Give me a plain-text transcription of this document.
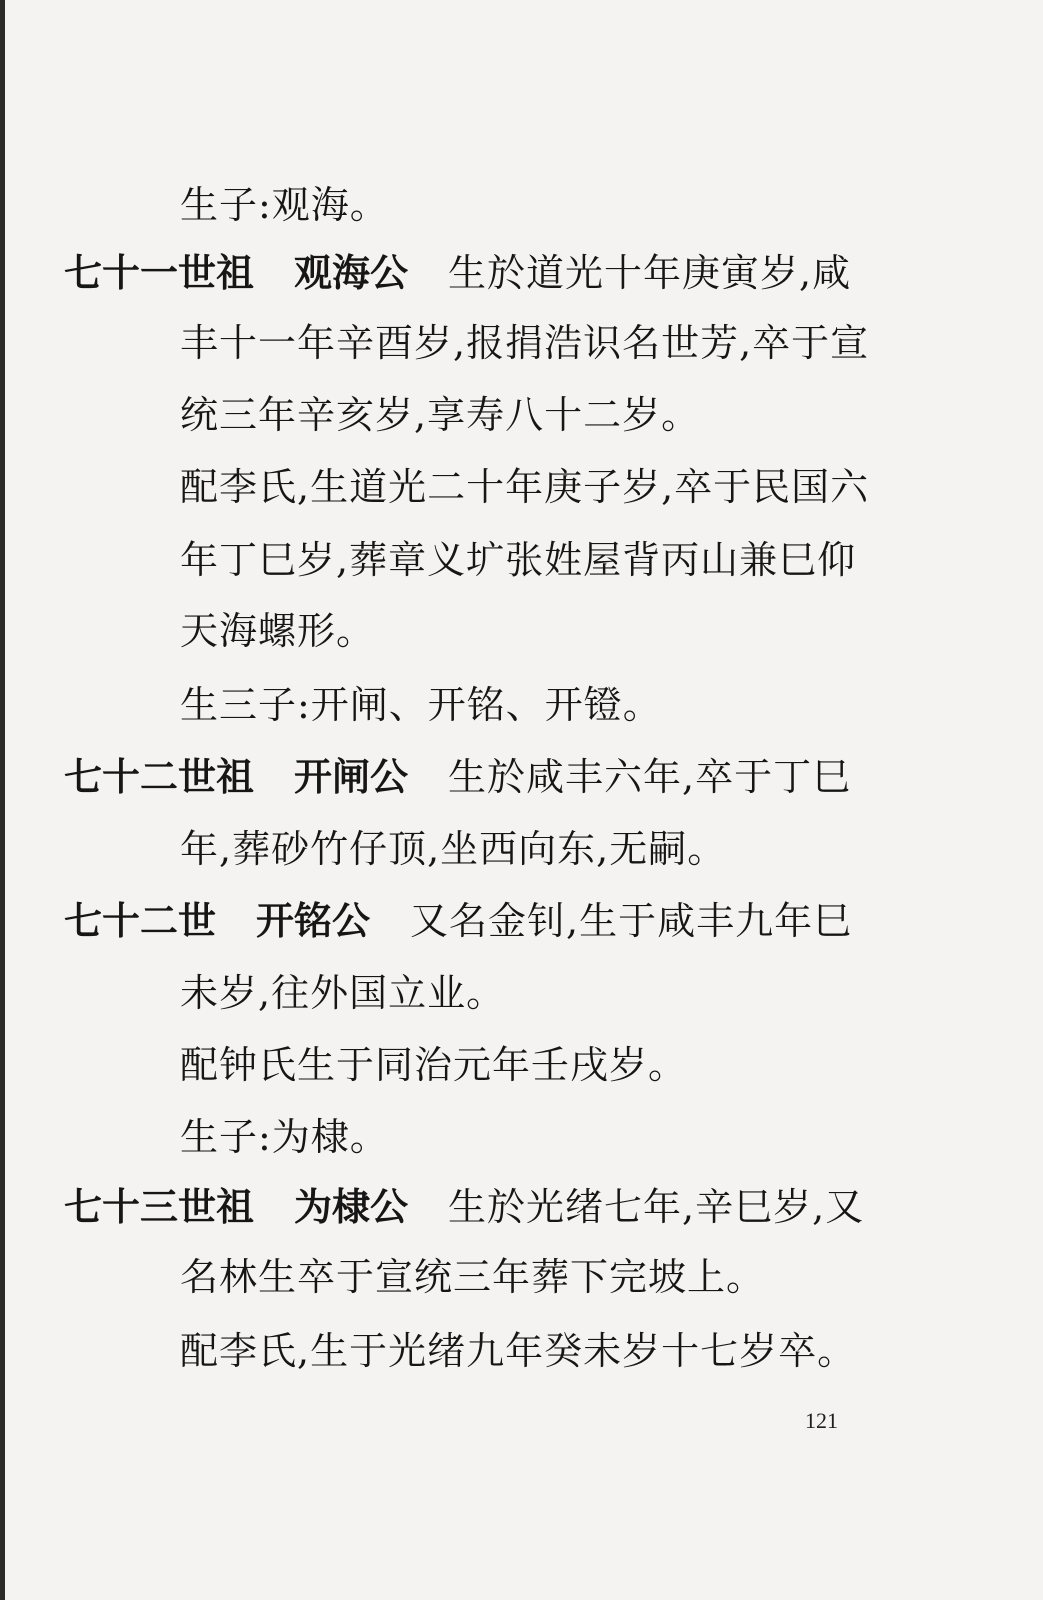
生子:观海。
七十一世祖 观海公 生於道光十年庚寅岁,咸
丰十一年辛酉岁,报捐浩识名世芳,卒于宣
统三年辛亥岁,享寿八十二岁。
配李氏,生道光二十年庚子岁,卒于民国六
年丁巳岁,葬章义圹张姓屋背丙山兼巳仰
天海螺形。
生三子:开闸、开铭、开镫。
七十二世祖 开闸公 生於咸丰六年,卒于丁巳
年,葬砂竹仔顶,坐西向东,无嗣。
七十二世 开铭公 又名金钊,生于咸丰九年巳
未岁,往外国立业。
配钟氏生于同治元年壬戌岁。
生子:为棣。
七十三世祖 为棣公 生於光绪七年,辛巳岁,又
名林生卒于宣统三年葬下完坡上。
配李氏,生于光绪九年癸未岁十七岁卒。
121
